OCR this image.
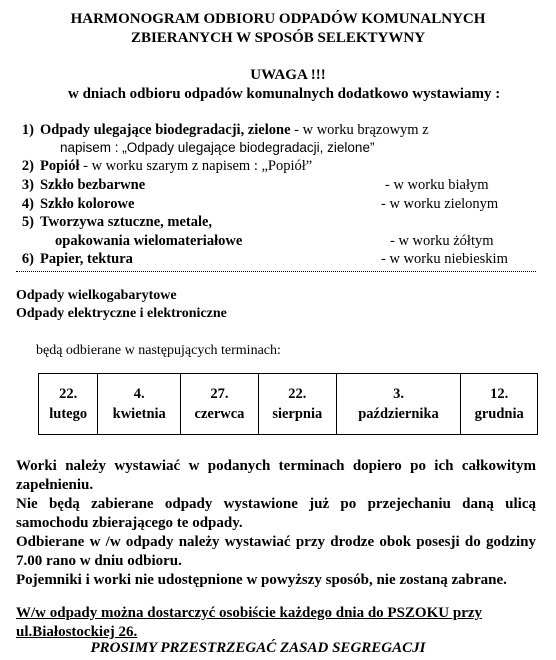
HARMONOGRAM ODBIORU ODPADÓW KOMUNALNYCH
ZBIERANYCH W SPOSÓB SELEKTYWNY
UWAGA !!!
w dniach odbioru odpadów komunalnych dodatkowo wystawiamy :
1) Odpady ulegające biodegradacji, zielone - w worku brązowym z
napisem : „Odpady ulegające biodegradacji, zielone”
2) Popiół - w worku szarym z napisem : „Popiół”
3) Szkło bezbarwne	- w worku białym
4) Szkło kolorowe	- w worku zielonym
5) Tworzywa sztuczne, metale,
opakowania wielomateriałowe	- w worku żółtym
6) Papier, tektura	- w worku niebieskim
Odpady wielkogabarytowe
Odpady elektryczne i elektroniczne
będą odbierane w następujących terminach:
22.
lutego

4.
kwietnia

27.
czerwca

22.
sierpnia

3.
października

12.
grudnia
Worki należy wystawiać w podanych terminach dopiero po ich całkowitym zapełnieniu.
Nie będą zabierane odpady wystawione już po przejechaniu daną ulicą samochodu zbierającego te odpady.
Odbierane w /w odpady należy wystawiać przy drodze obok posesji do godziny 7.00 rano w dniu odbioru.
Pojemniki i worki nie udostępnione w powyższy sposób, nie zostaną zabrane.
W/w odpady można dostarczyć osobiście każdego dnia do PSZOKU przy
ul.Białostockiej 26.
PROSIMY PRZESTRZEGAĆ ZASAD SEGREGACJI
